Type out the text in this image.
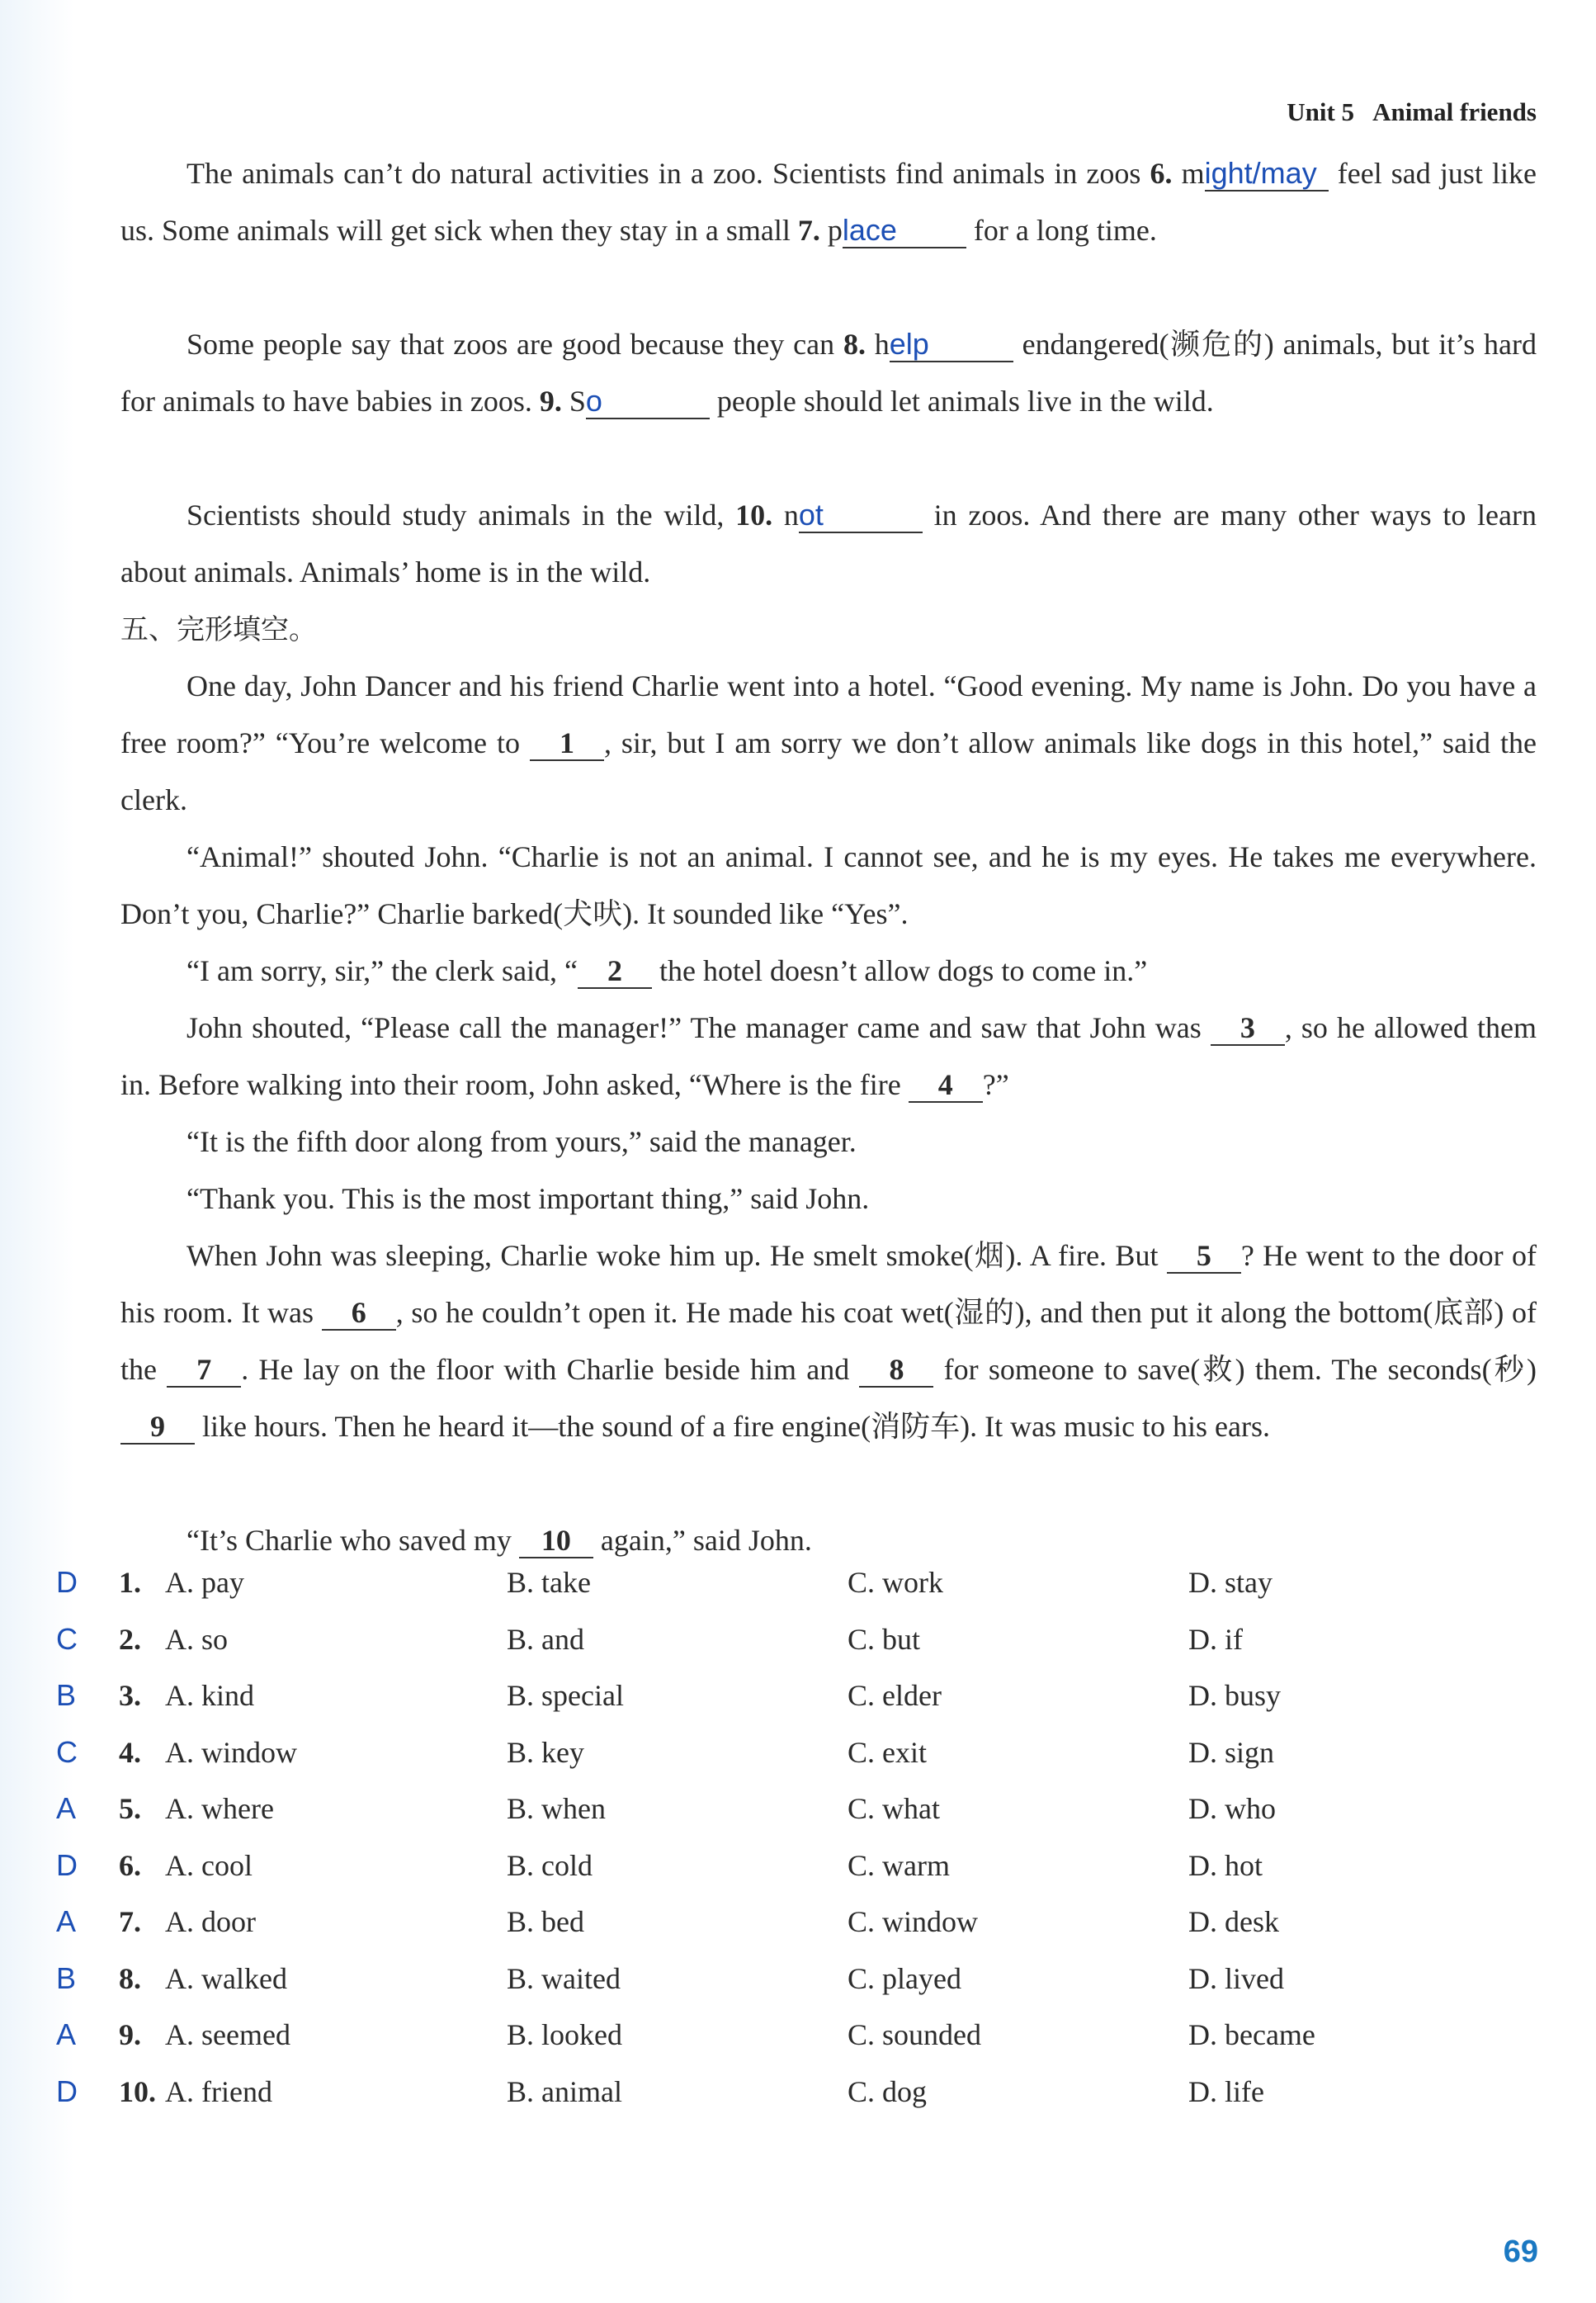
Unit 5 Animal friends
The animals can’t do natural activities in a zoo. Scientists find animals in zoos 6. might/may feel sad just like us. Some animals will get sick when they stay in a small 7. place for a long time.
Some people say that zoos are good because they can 8. help	endangered(濒危的) animals, but it’s hard for animals to have babies in zoos. 9. So	people should let animals live in the wild.
Scientists should study animals in the wild, 10. not	in zoos. And there are many other ways to learn about animals. Animals’ home is in the wild.
五、完形填空。
One day, John Dancer and his friend Charlie went into a hotel. “Good evening. My name is John. Do you have a free room?” “You’re welcome to 1 , sir, but I am sorry we don’t allow animals like dogs in this hotel,” said the clerk.
“Animal!” shouted John. “Charlie is not an animal. I cannot see, and he is my eyes. He takes me everywhere. Don’t you, Charlie?” Charlie barked(犬吠). It sounded like “Yes”.
“I am sorry, sir,” the clerk said, “ 2 the hotel doesn’t allow dogs to come in.”
John shouted, “Please call the manager!” The manager came and saw that John was 3 , so he allowed them in. Before walking into their room, John asked, “Where is the fire 4 ?”
“It is the fifth door along from yours,” said the manager.
“Thank you. This is the most important thing,” said John.
When John was sleeping, Charlie woke him up. He smelt smoke(烟). A fire. But 5 ? He went to the door of his room. It was 6 , so he couldn’t open it. He made his coat wet(湿的), and then put it along the bottom(底部) of the 7 . He lay on the floor with Charlie beside him and 8 for someone to save(救) them. The seconds(秒) 9 like hours. Then he heard it—the sound of a fire engine(消防车). It was music to his ears.
“It’s Charlie who saved my 10 again,” said John.
D 1. A. pay	B. take	C. work	D. stay
C 2. A. so	B. and	C. but	D. if
B 3. A. kind	B. special	C. elder	D. busy
C 4. A. window	B. key	C. exit	D. sign
A 5. A. where	B. when	C. what	D. who
D 6. A. cool	B. cold	C. warm	D. hot
A 7. A. door	B. bed	C. window	D. desk
B 8. A. walked	B. waited	C. played	D. lived
A 9. A. seemed	B. looked	C. sounded	D. became
D 10. A. friend	B. animal	C. dog	D. life
69
